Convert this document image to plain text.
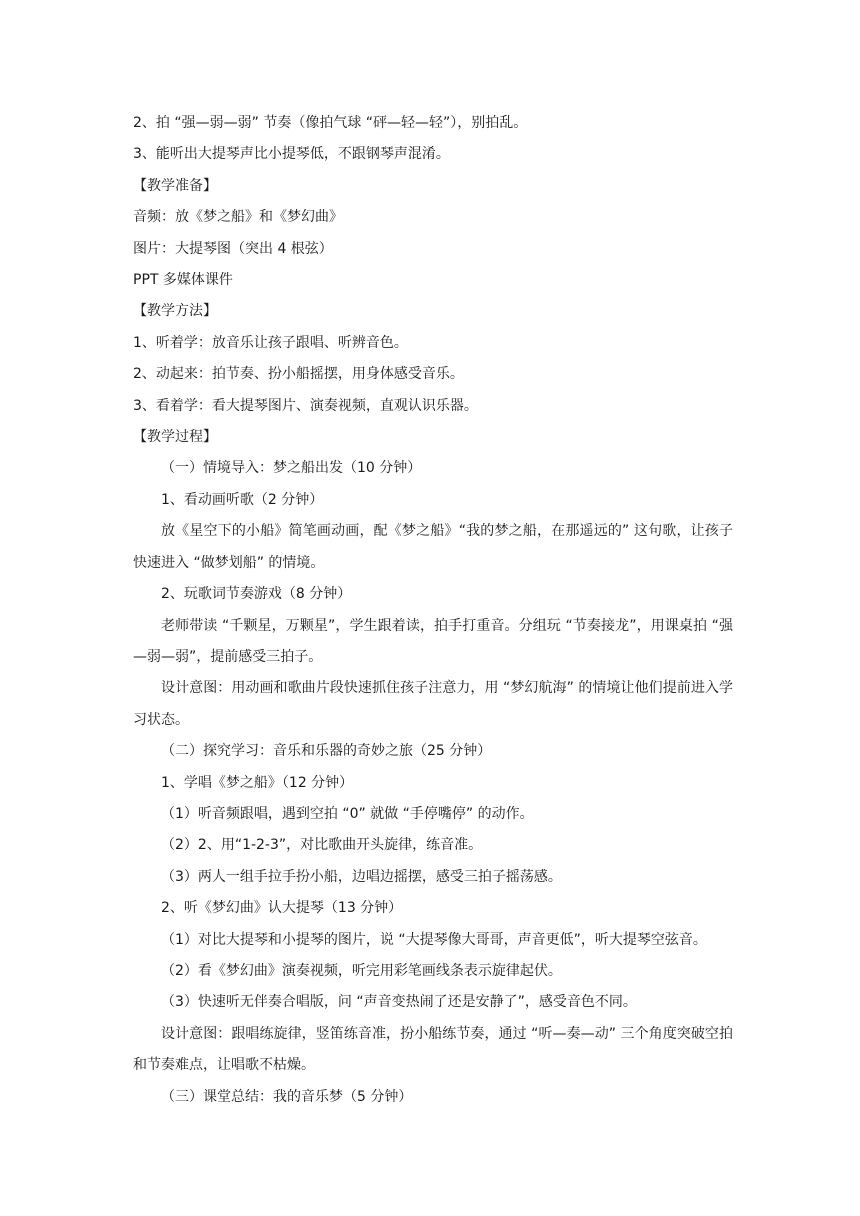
2、拍 “强—弱—弱” 节奏（像拍气球 “砰—轻—轻”），别拍乱。

3、能听出大提琴声比小提琴低，不跟钢琴声混淆。

【教学准备】

音频：放《梦之船》和《梦幻曲》

图片：大提琴图（突出 4 根弦）

PPT 多媒体课件

【教学方法】

1、听着学：放音乐让孩子跟唱、听辨音色。

2、动起来：拍节奏、扮小船摇摆，用身体感受音乐。

3、看着学：看大提琴图片、演奏视频，直观认识乐器。

【教学过程】

（一）情境导入：梦之船出发（10 分钟）

1、看动画听歌（2 分钟）

放《星空下的小船》简笔画动画，配《梦之船》“我的梦之船，在那遥远的” 这句歌，让孩子快速进入 “做梦划船” 的情境。

2、玩歌词节奏游戏（8 分钟）

老师带读 “千颗星，万颗星”，学生跟着读，拍手打重音。分组玩 “节奏接龙”，用课桌拍 “强—弱—弱”，提前感受三拍子。

设计意图：用动画和歌曲片段快速抓住孩子注意力，用 “梦幻航海” 的情境让他们提前进入学习状态。

（二）探究学习：音乐和乐器的奇妙之旅（25 分钟）

1、学唱《梦之船》（12 分钟）

（1）听音频跟唱，遇到空拍 “0” 就做 “手停嘴停” 的动作。

（2）2、用“1-2-3”，对比歌曲开头旋律，练音准。

（3）两人一组手拉手扮小船，边唱边摇摆，感受三拍子摇荡感。

2、听《梦幻曲》认大提琴（13 分钟）

（1）对比大提琴和小提琴的图片，说 “大提琴像大哥哥，声音更低”，听大提琴空弦音。

（2）看《梦幻曲》演奏视频，听完用彩笔画线条表示旋律起伏。

（3）快速听无伴奏合唱版，问 “声音变热闹了还是安静了”，感受音色不同。

设计意图：跟唱练旋律，竖笛练音准，扮小船练节奏，通过 “听—奏—动” 三个角度突破空拍和节奏难点，让唱歌不枯燥。

（三）课堂总结：我的音乐梦（5 分钟）
